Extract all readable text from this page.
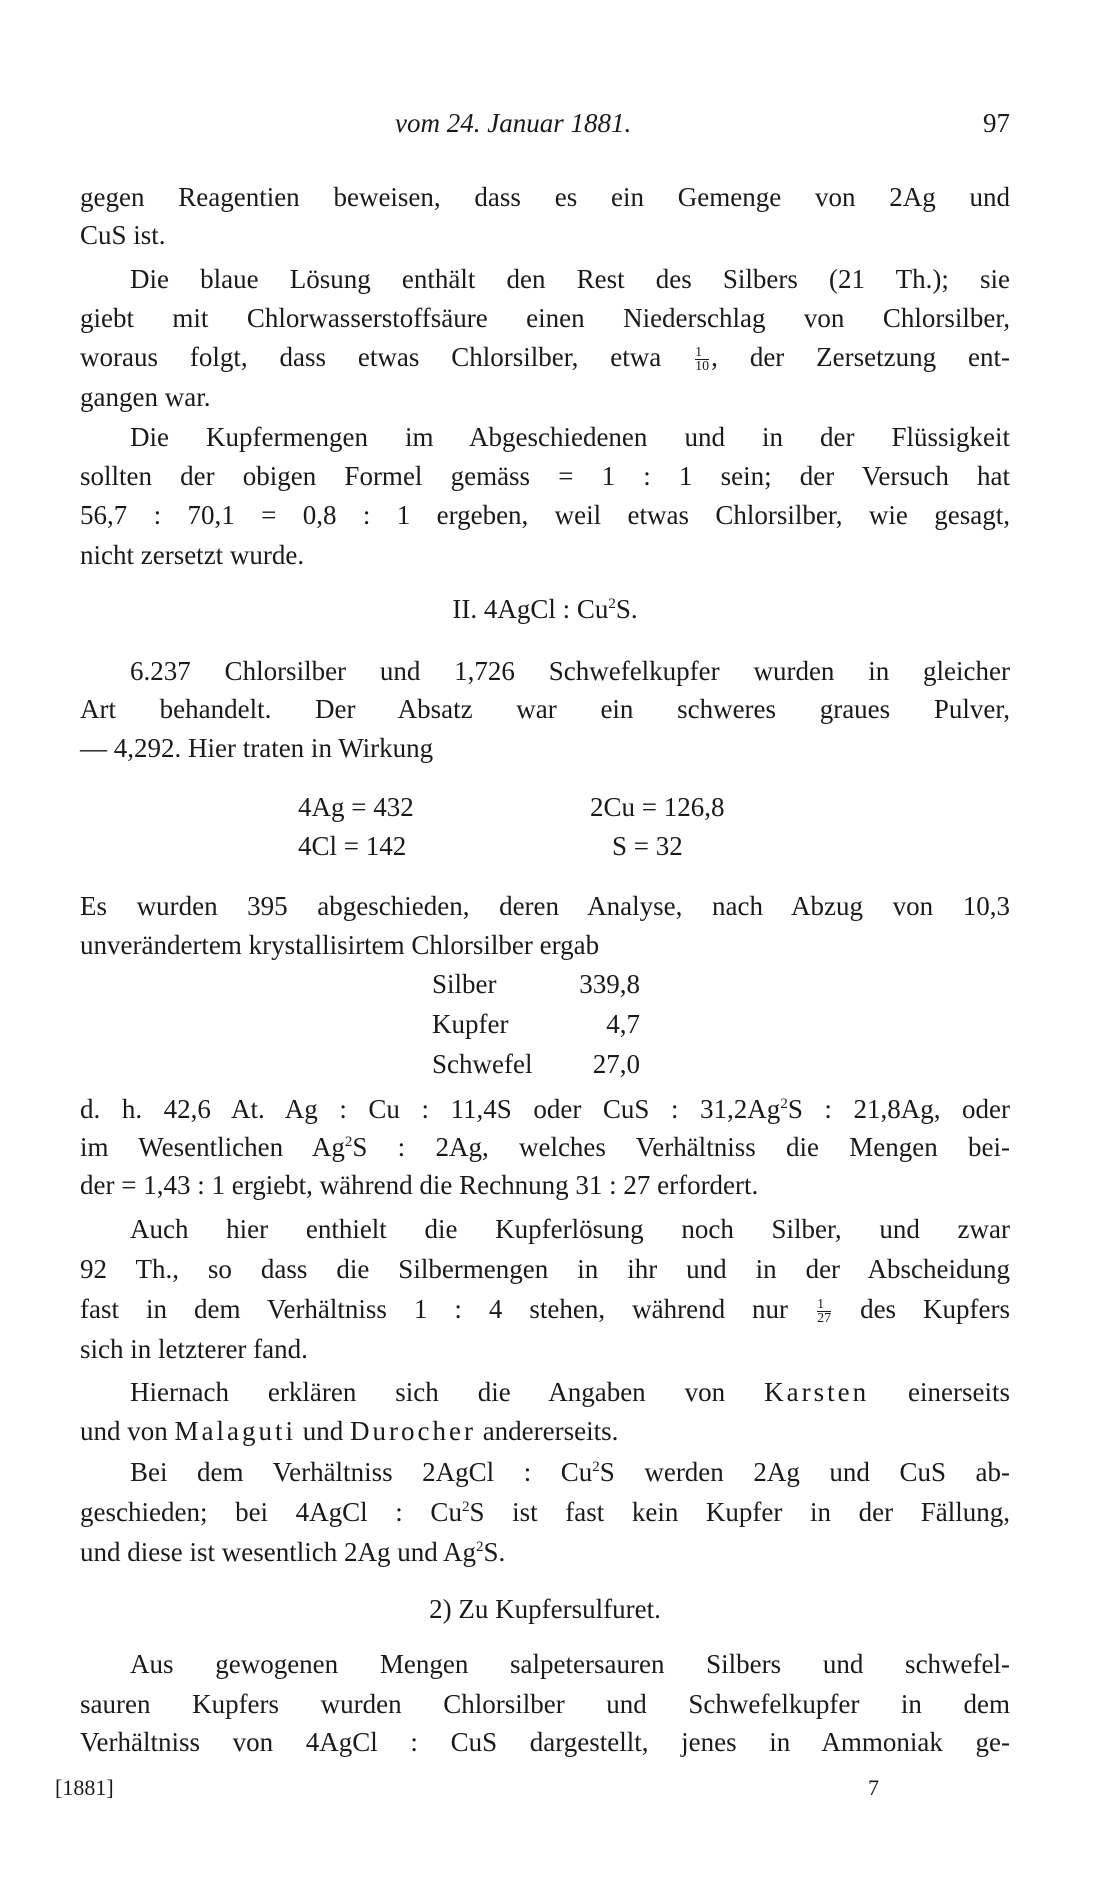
vom 24. Januar 1881.	97
gegen Reagentien beweisen, dass es ein Gemenge von 2Ag und
CuS ist.
Die blaue Lösung enthält den Rest des Silbers (21 Th.); sie
giebt mit Chlorwasserstoffsäure einen Niederschlag von Chlorsilber,
woraus folgt, dass etwas Chlorsilber, etwa $\frac{1}{10}$ , der Zersetzung ent-
gangen war.
Die Kupfermengen im Abgeschiedenen und in der Flüssigkeit
sollten der obigen Formel gemäss = 1 : 1 sein; der Versuch hat
56,7 : 70,1 = 0,8 : 1 ergeben, weil etwas Chlorsilber, wie gesagt,
nicht zersetzt wurde.
II. 4AgCl : Cu$^2$S.
6.237 Chlorsilber und 1,726 Schwefelkupfer wurden in gleicher
Art behandelt. Der Absatz war ein schweres graues Pulver,
— 4,292. Hier traten in Wirkung
4Ag = 432	2Cu = 126,8
4Cl = 142	S = 32
Es wurden 395 abgeschieden, deren Analyse, nach Abzug von 10,3
unverändertem krystallisirtem Chlorsilber ergab
Silber	339,8
Kupfer	4,7
Schwefel	27,0
d. h. 42,6 At. Ag : Cu : 11,4S oder CuS : 31,2Ag$^2$S : 21,8Ag, oder
im Wesentlichen Ag$^2$S : 2Ag, welches Verhältniss die Mengen bei-
der = 1,43 : 1 ergiebt, während die Rechnung 31 : 27 erfordert.
Auch hier enthielt die Kupferlösung noch Silber, und zwar
92 Th., so dass die Silbermengen in ihr und in der Abscheidung
fast in dem Verhältniss 1 : 4 stehen, während nur $\frac{1}{27}$ des Kupfers
sich in letzterer fand.
Hiernach erklären sich die Angaben von Karsten einerseits
und von Malaguti und Durocher andererseits.
Bei dem Verhältniss 2AgCl : Cu$^2$S werden 2Ag und CuS ab-
geschieden; bei 4AgCl : Cu$^2$S ist fast kein Kupfer in der Fällung,
und diese ist wesentlich 2Ag und Ag$^2$S.
2) Zu Kupfersulfuret.
Aus gewogenen Mengen salpetersauren Silbers und schwefel-
sauren Kupfers wurden Chlorsilber und Schwefelkupfer in dem
Verhältniss von 4AgCl : CuS dargestellt, jenes in Ammoniak ge-
[1881]	7
